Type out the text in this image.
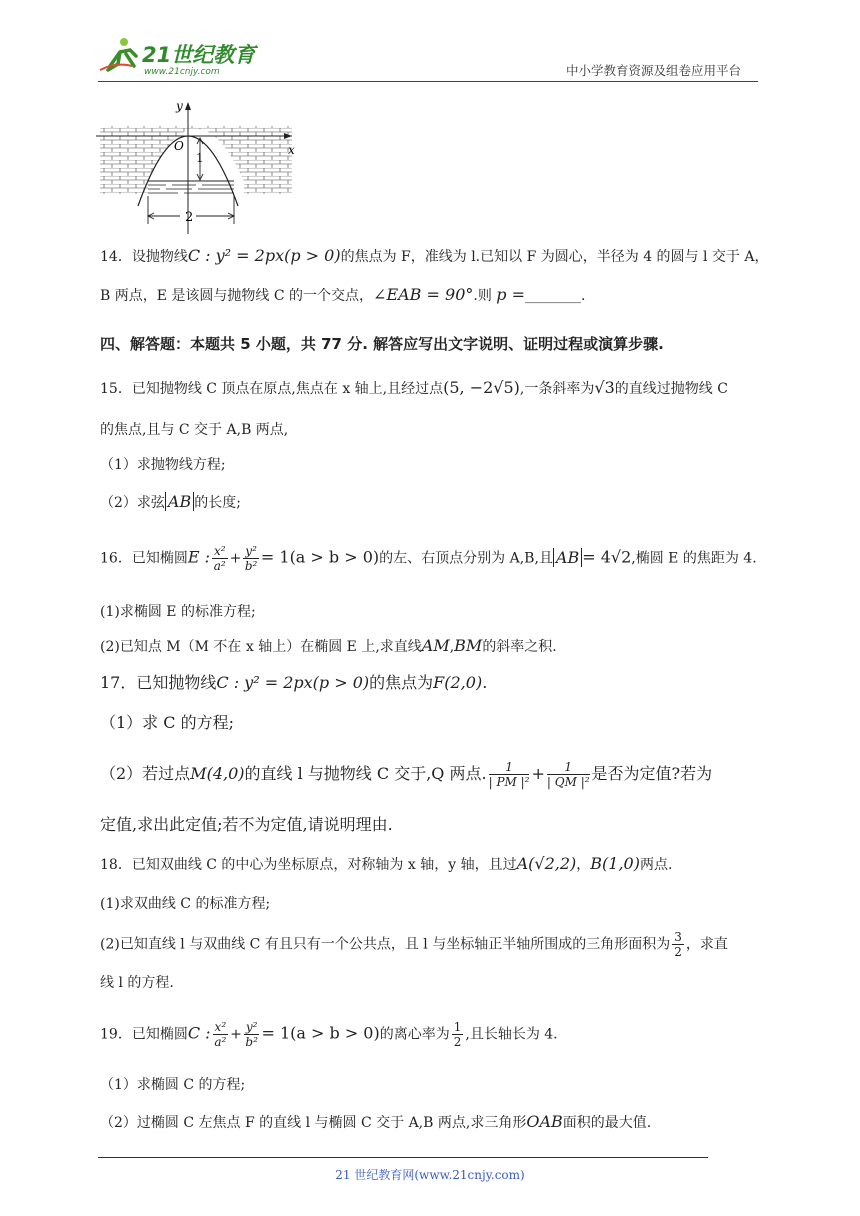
21世纪教育
www.21cnjy.com	中小学教育资源及组卷应用平台
y
x
O
1
2
14．设抛物线C : y² = 2px(p > 0)的焦点为 F，准线为 l.已知以 F 为圆心，半径为 4 的圆与 l 交于 A，
B 两点，E 是该圆与抛物线 C 的一个交点，∠EAB = 90°.则 p =________.
四、解答题：本题共 5 小题，共 77 分. 解答应写出文字说明、证明过程或演算步骤.
15．已知抛物线 C 顶点在原点,焦点在 x 轴上,且经过点(5, −2√5),一条斜率为√3的直线过抛物线 C
的焦点,且与 C 交于 A,B 两点,
（1）求抛物线方程;
（2）求弦 AB 的长度;
16．已知椭圆E : $\frac{\text{x²}}{\text{a²}} + \frac{\text{y²}}{\text{b²}} = 1(a > b > 0)$的左、右顶点分别为 A,B,且 AB = 4√2,椭圆 E 的焦距为 4.
(1)求椭圆 E 的标准方程;
(2)已知点 M（M 不在 x 轴上）在椭圆 E 上,求直线AM,BM的斜率之积.
17．已知抛物线C : y² = 2px(p > 0)的焦点为F(2,0).
（1）求 C 的方程;
（2）若过点M(4,0)的直线 l 与抛物线 C 交于,Q 两点. $\frac{1}{\text{| PM |²}} + \frac{1}{\text{| QM |²}}$ 是否为定值?若为
定值,求出此定值;若不为定值,请说明理由.
18．已知双曲线 C 的中心为坐标原点，对称轴为 x 轴，y 轴，且过A(√2,2)，B(1,0)两点.
(1)求双曲线 C 的标准方程;
(2)已知直线 l 与双曲线 C 有且只有一个公共点，且 l 与坐标轴正半轴所围成的三角形面积为 $\frac{3}{2}$ ，求直
线 l 的方程.
19．已知椭圆C : $\frac{\text{x²}}{\text{a²}} + \frac{\text{y²}}{\text{b²}} = 1(a > b > 0)$的离心率为 $\frac{1}{2}$ ,且长轴长为 4.
（1）求椭圆 C 的方程;
（2）过椭圆 C 左焦点 F 的直线 l 与椭圆 C 交于 A,B 两点,求三角形OAB面积的最大值.
21 世纪教育网(www.21cnjy.com)
